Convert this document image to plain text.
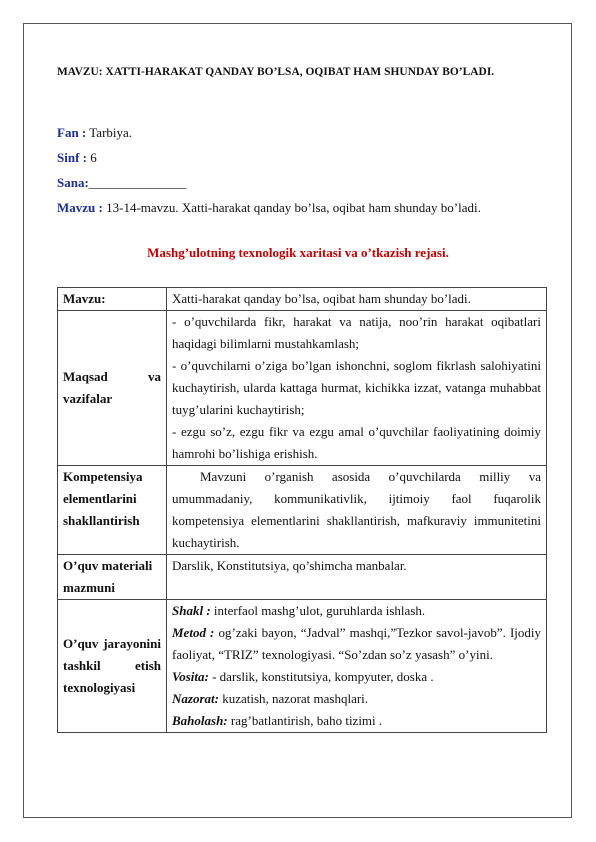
MAVZU: XATTI-HARAKAT QANDAY BO’LSA, OQIBAT HAM SHUNDAY BO’LADI.
Fan : Tarbiya.
Sinf : 6
Sana:_______________
Mavzu : 13-14-mavzu. Xatti-harakat qanday bo’lsa, oqibat ham shunday bo’ladi.
Mashg’ulotning texnologik xaritasi va o’tkazish rejasi.
Mavzu:	Xatti-harakat qanday bo’lsa, oqibat ham shunday bo’ladi.

Maqsad va vazifalar	- o’quvchilarda fikr, harakat va natija, noo’rin harakat oqibatlari haqidagi bilimlarni mustahkamlash;
- o’quvchilarni o’ziga bo’lgan ishonchni, soglom fikrlash salohiyatini kuchaytirish, ularda kattaga hurmat, kichikka izzat, vatanga muhabbat tuyg’ularini kuchaytirish;
- ezgu so’z, ezgu fikr va ezgu amal o’quvchilar faoliyatining doimiy hamrohi bo’lishiga erishish.

Kompetensiya elementlarini shakllantirish	Mavzuni o’rganish asosida o’quvchilarda milliy va umummadaniy, kommunikativlik, ijtimoiy faol fuqarolik kompetensiya elementlarini shakllantirish, mafkuraviy immunitetini kuchaytirish.

O’quv materiali mazmuni	Darslik, Konstitutsiya, qo’shimcha manbalar.

O’quv jarayonini tashkil etish texnologiyasi	Shakl : interfaol mashg’ulot, guruhlarda ishlash.
Metod : og’zaki bayon, “Jadval” mashqi,”Tezkor savol-javob”. Ijodiy faoliyat, “TRIZ” texnologiyasi. “So’zdan so’z yasash” o’yini.
Vosita: - darslik, konstitutsiya, kompyuter, doska .
Nazorat: kuzatish, nazorat mashqlari.
Baholash: rag’batlantirish, baho tizimi .
